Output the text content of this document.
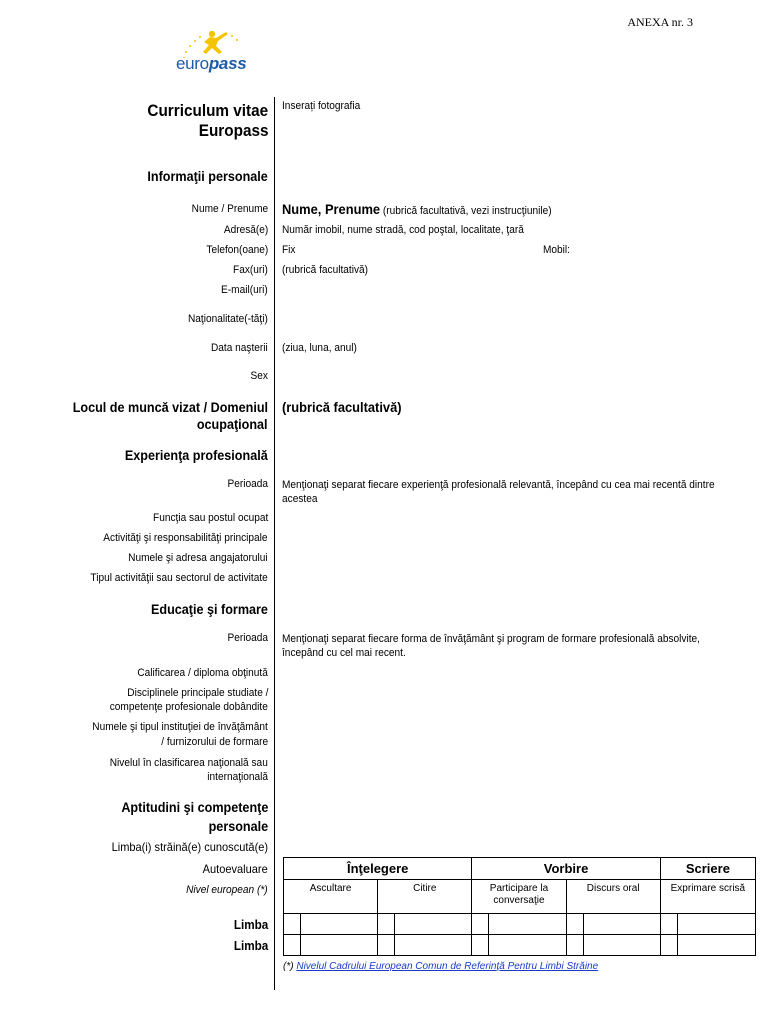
ANEXA nr. 3
europass
Curriculum vitae
Europass
Inserați fotografia
Informaţii personale
Nume / Prenume Nume, Prenume (rubrică facultativă, vezi instrucţiunile)
Adresă(e) Număr imobil, nume stradă, cod poştal, localitate, ţară
Telefon(oane) Fix	Mobil:
Fax(uri) (rubrică facultativă)
E-mail(uri)
Naţionalitate(-tăţi)
Data naşterii (ziua, luna, anul)
Sex
Locul de muncă vizat / Domeniul
ocupaţional
(rubrică facultativă)
Experienţa profesională
Perioada Menţionaţi separat fiecare experienţă profesională relevantă, începând cu cea mai recentă dintre acestea
Funcţia sau postul ocupat
Activităţi şi responsabilităţi principale
Numele şi adresa angajatorului
Tipul activităţii sau sectorul de activitate
Educaţie şi formare
Perioada Menţionaţi separat fiecare forma de învăţământ şi program de formare profesională absolvite, începând cu cel mai recent.
Calificarea / diploma obţinută
Disciplinele principale studiate /
competenţe profesionale dobândite
Numele şi tipul instituţiei de învăţământ
/ furnizorului de formare
Nivelul în clasificarea naţională sau
internaţională
Aptitudini şi competenţe
personale
Limba(i) străină(e) cunoscută(e)
Autoevaluare
Nivel european (*)
Limba
Limba
Înţelegere				Vorbire				Scriere	
Ascultare		Citire		Participare la conversaţie		Discurs oral		Exprimare scrisă	

(*) Nivelul Cadrului European Comun de Referinţă Pentru Limbi Străine
